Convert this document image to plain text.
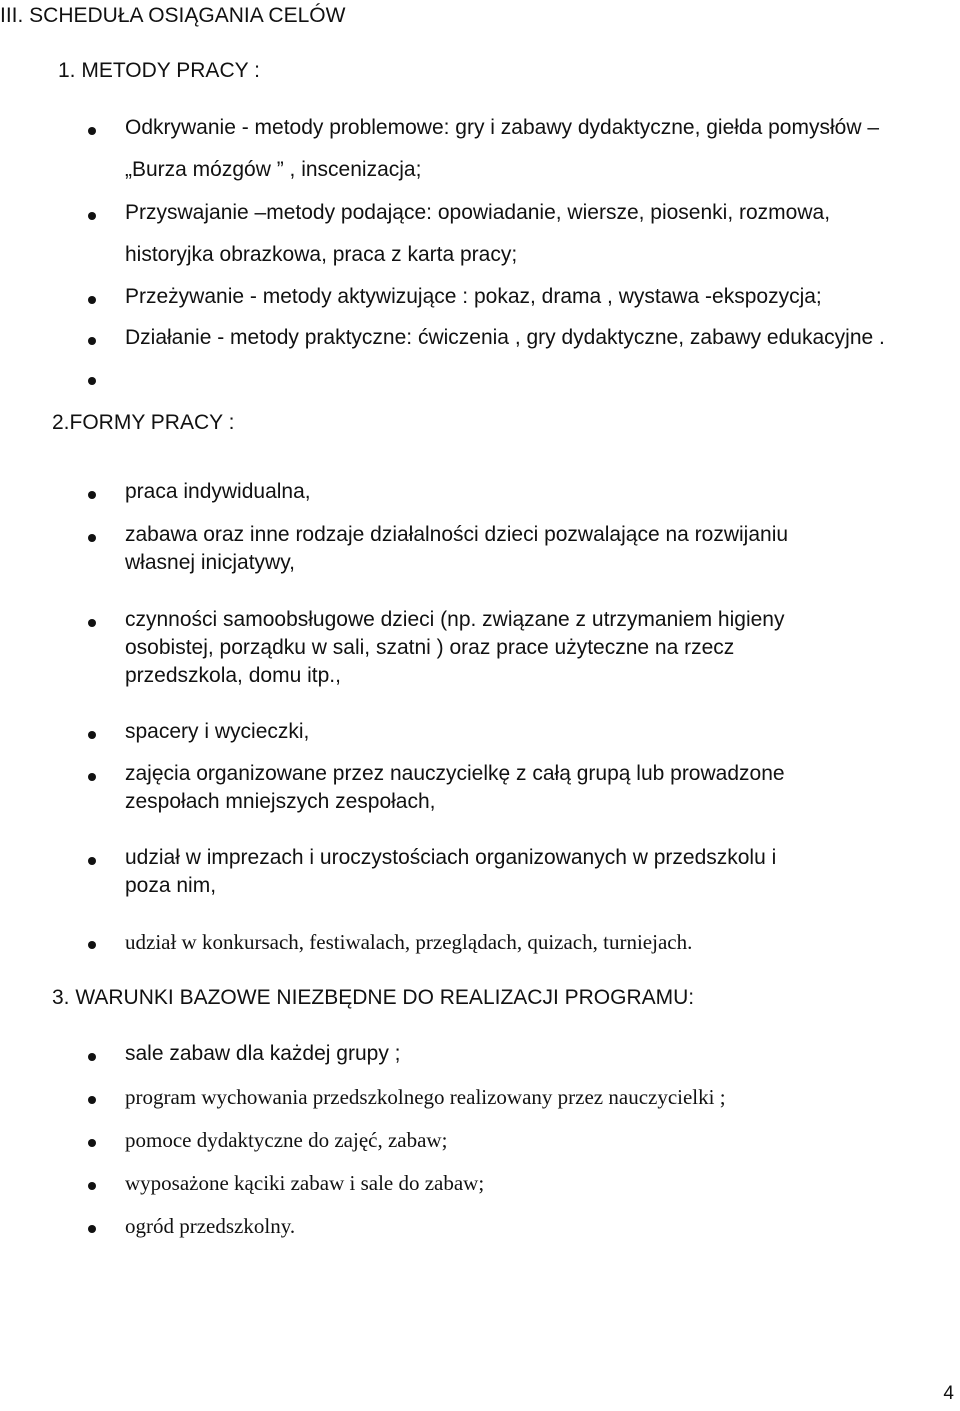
III. SCHEDUŁA OSIĄGANIA CELÓW
1. METODY PRACY :
Odkrywanie - metody problemowe: gry i zabawy dydaktyczne, giełda pomysłów –
„Burza mózgów ” , inscenizacja;
Przyswajanie –metody podające: opowiadanie, wiersze, piosenki, rozmowa,
historyjka obrazkowa, praca z karta pracy;
Przeżywanie - metody aktywizujące : pokaz, drama , wystawa -ekspozycja;
Działanie - metody praktyczne: ćwiczenia , gry dydaktyczne, zabawy edukacyjne .
2.FORMY PRACY :
praca indywidualna,
zabawa oraz inne rodzaje działalności dzieci pozwalające na rozwijaniu
własnej inicjatywy,
czynności samoobsługowe dzieci (np. związane z utrzymaniem higieny
osobistej, porządku w sali, szatni ) oraz prace użyteczne na rzecz
przedszkola, domu itp.,
spacery i wycieczki,
zajęcia organizowane przez nauczycielkę z całą grupą lub prowadzone
zespołach mniejszych zespołach,
udział w imprezach i uroczystościach organizowanych w przedszkolu i
poza nim,
udział w konkursach, festiwalach, przeglądach, quizach, turniejach.
3. WARUNKI BAZOWE NIEZBĘDNE DO REALIZACJI PROGRAMU:
sale zabaw dla każdej grupy ;
program wychowania przedszkolnego realizowany przez nauczycielki ;
pomoce dydaktyczne do zajęć, zabaw;
wyposażone kąciki zabaw i sale do zabaw;
ogród przedszkolny.
4
